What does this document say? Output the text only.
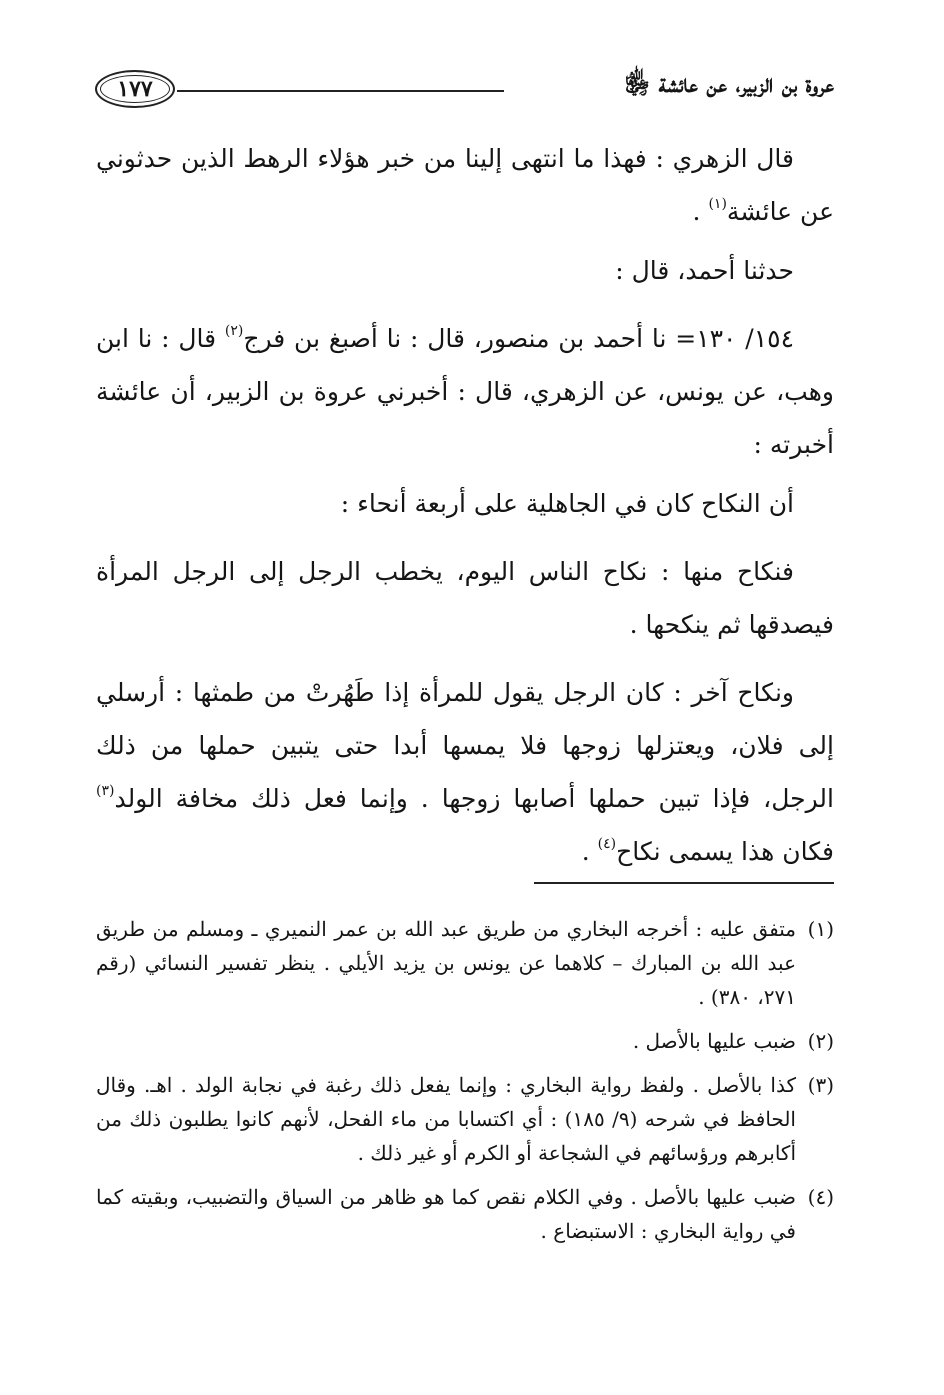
عروة بن الزبير، عن عائشة ﵂
١٧٧

قال الزهري : فهذا ما انتهى إلينا من خبر هؤلاء الرهط الذين حدثوني عن عائشة$^{(١)}$ .

حدثنا أحمد، قال :

١٥٤/ ١٣٠= نا أحمد بن منصور، قال : نا أصبغ بن فرج$^{(٢)}$ قال : نا ابن وهب، عن يونس، عن الزهري، قال : أخبرني عروة بن الزبير، أن عائشة أخبرته :

أن النكاح كان في الجاهلية على أربعة أنحاء :

فنكاح منها : نكاح الناس اليوم، يخطب الرجل إلى الرجل المرأة فيصدقها ثم ينكحها .

ونكاح آخر : كان الرجل يقول للمرأة إذا طَهُرتْ من طمثها : أرسلي إلى فلان، ويعتزلها زوجها فلا يمسها أبدا حتى يتبين حملها من ذلك الرجل، فإذا تبين حملها أصابها زوجها . وإنما فعل ذلك مخافة الولد$^{(٣)}$ فكان هذا يسمى نكاح$^{(٤)}$ .

(١)
متفق عليه : أخرجه البخاري من طريق عبد الله بن عمر النميري ـ ومسلم من طريق عبد الله بن المبارك – كلاهما عن يونس بن يزيد الأيلي . ينظر تفسير النسائي (رقم ٢٧١، ٣٨٠) .
(٢)
ضبب عليها بالأصل .
(٣)
كذا بالأصل . ولفظ رواية البخاري : وإنما يفعل ذلك رغبة في نجابة الولد . اهـ. وقال الحافظ في شرحه (٩/ ١٨٥) : أي اكتسابا من ماء الفحل، لأنهم كانوا يطلبون ذلك من أكابرهم ورؤسائهم في الشجاعة أو الكرم أو غير ذلك .
(٤)
ضبب عليها بالأصل . وفي الكلام نقص كما هو ظاهر من السياق والتضبيب، وبقيته كما في رواية البخاري : الاستبضاع .
